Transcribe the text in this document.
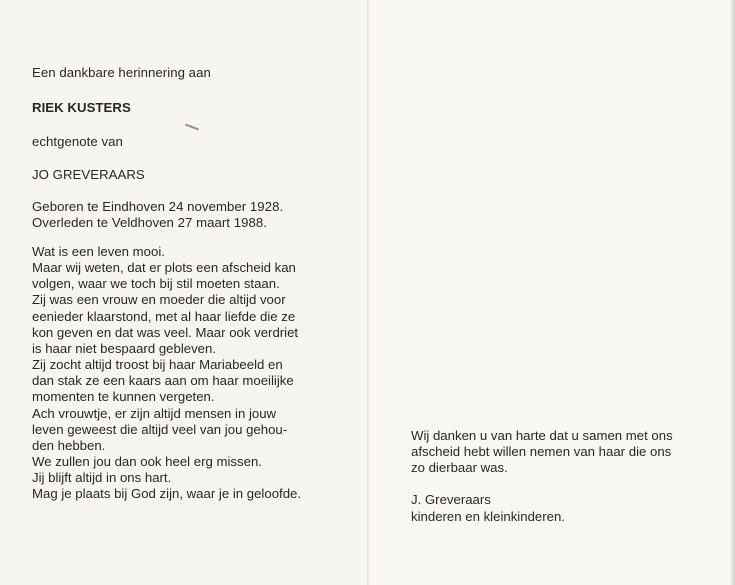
Een dankbare herinnering aan
RIEK KUSTERS
echtgenote van
JO GREVERAARS
Geboren te Eindhoven 24 november 1928.
Overleden te Veldhoven 27 maart 1988.
Wat is een leven mooi.
Maar wij weten, dat er plots een afscheid kan
volgen, waar we toch bij stil moeten staan.
Zij was een vrouw en moeder die altijd voor
eenieder klaarstond, met al haar liefde die ze
kon geven en dat was veel. Maar ook verdriet
is haar niet bespaard gebleven.
Zij zocht altijd troost bij haar Mariabeeld en
dan stak ze een kaars aan om haar moeilijke
momenten te kunnen vergeten.
Ach vrouwtje, er zijn altijd mensen in jouw
leven geweest die altijd veel van jou gehou-
den hebben.
We zullen jou dan ook heel erg missen.
Jij blijft altijd in ons hart.
Mag je plaats bij God zijn, waar je in geloofde.
Wij danken u van harte dat u samen met ons
afscheid hebt willen nemen van haar die ons
zo dierbaar was.
J. Greveraars
kinderen en kleinkinderen.
